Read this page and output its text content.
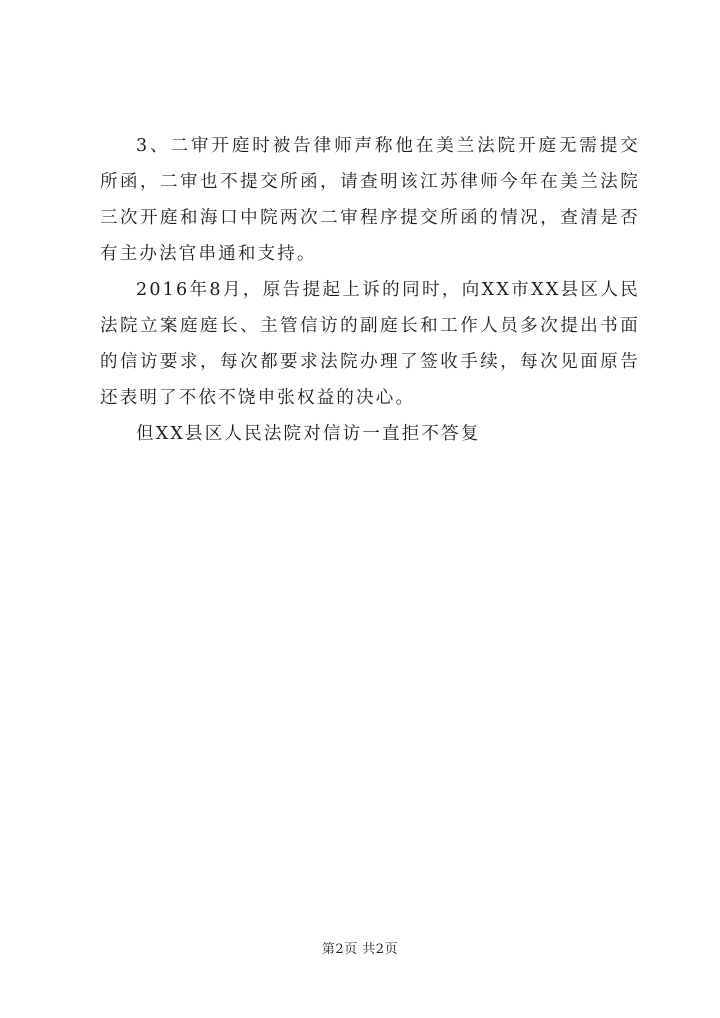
3、二审开庭时被告律师声称他在美兰法院开庭无需提交所函，二审也不提交所函，请查明该江苏律师今年在美兰法院三次开庭和海口中院两次二审程序提交所函的情况，查清是否有主办法官串通和支持。

2016年8月，原告提起上诉的同时，向XX市XX县区人民法院立案庭庭长、主管信访的副庭长和工作人员多次提出书面的信访要求，每次都要求法院办理了签收手续，每次见面原告还表明了不依不饶申张权益的决心。

但XX县区人民法院对信访一直拒不答复

第2页 共2页
